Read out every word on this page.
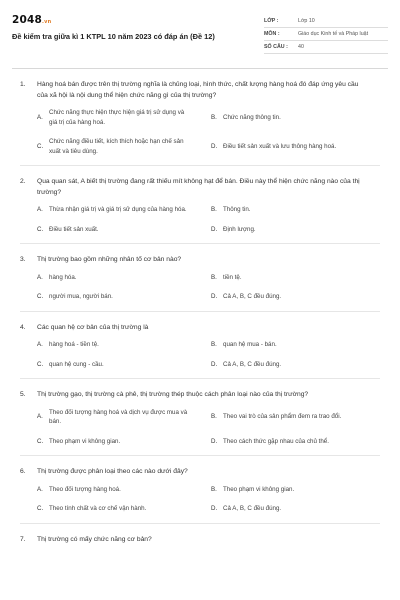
2048.vn
Đề kiểm tra giữa kì 1 KTPL 10 năm 2023 có đáp án (Đề 12)
LỚP :	Lớp 10
MÔN :	Giáo dục Kinh tế và Pháp luật
SỐ CÂU :	40
1.	Hàng hoá bán được trên thị trường nghĩa là chủng loại, hình thức, chất lượng hàng hoá đó đáp ứng yêu cầu của xã hội là nội dung thể hiện chức năng gì của thị trường?
A.
Chức năng thực hiện thực hiện giá trị sử dụng và giá trị của hàng hoá.
B. Chức năng thông tin.
C.
Chức năng điều tiết, kích thích hoặc hạn chế sản xuất và tiêu dùng.
D. Điều tiết sản xuất và lưu thông hàng hoá.
2.	Qua quan sát, A biết thị trường đang rất thiếu mít không hạt để bán. Điều này thể hiện chức năng nào của thị trường?
A. Thừa nhận giá trị và giá trị sử dụng của hàng hóa.	B. Thông tin.
C. Điều tiết sản xuất.	D. Định lượng.
3.	Thị trường bao gồm những nhân tố cơ bản nào?
A. hàng hóa.	B. tiền tệ.
C. người mua, người bán.	D. Cả A, B, C đều đúng.
4.	Các quan hệ cơ bản của thị trường là
A. hàng hoá - tiền tệ.	B. quan hệ mua - bán.
C. quan hệ cung - cầu.	D. Cả A, B, C đều đúng.
5.	Thị trường gạo, thị trường cà phê, thị trường thép thuộc cách phân loại nào của thị trường?
A.
Theo đối tượng hàng hoá và dịch vụ được mua và bán.
B. Theo vai trò của sản phẩm đem ra trao đổi.
C. Theo phạm vi không gian.	D. Theo cách thức gặp nhau của chủ thể.
6.	Thị trường được phân loại theo các nào dưới đây?
A. Theo đối tượng hàng hoá.	B. Theo phạm vi không gian.
C. Theo tính chất và cơ chế vận hành.	D. Cả A, B, C đều đúng.
7.	Thị trường có mấy chức năng cơ bản?
